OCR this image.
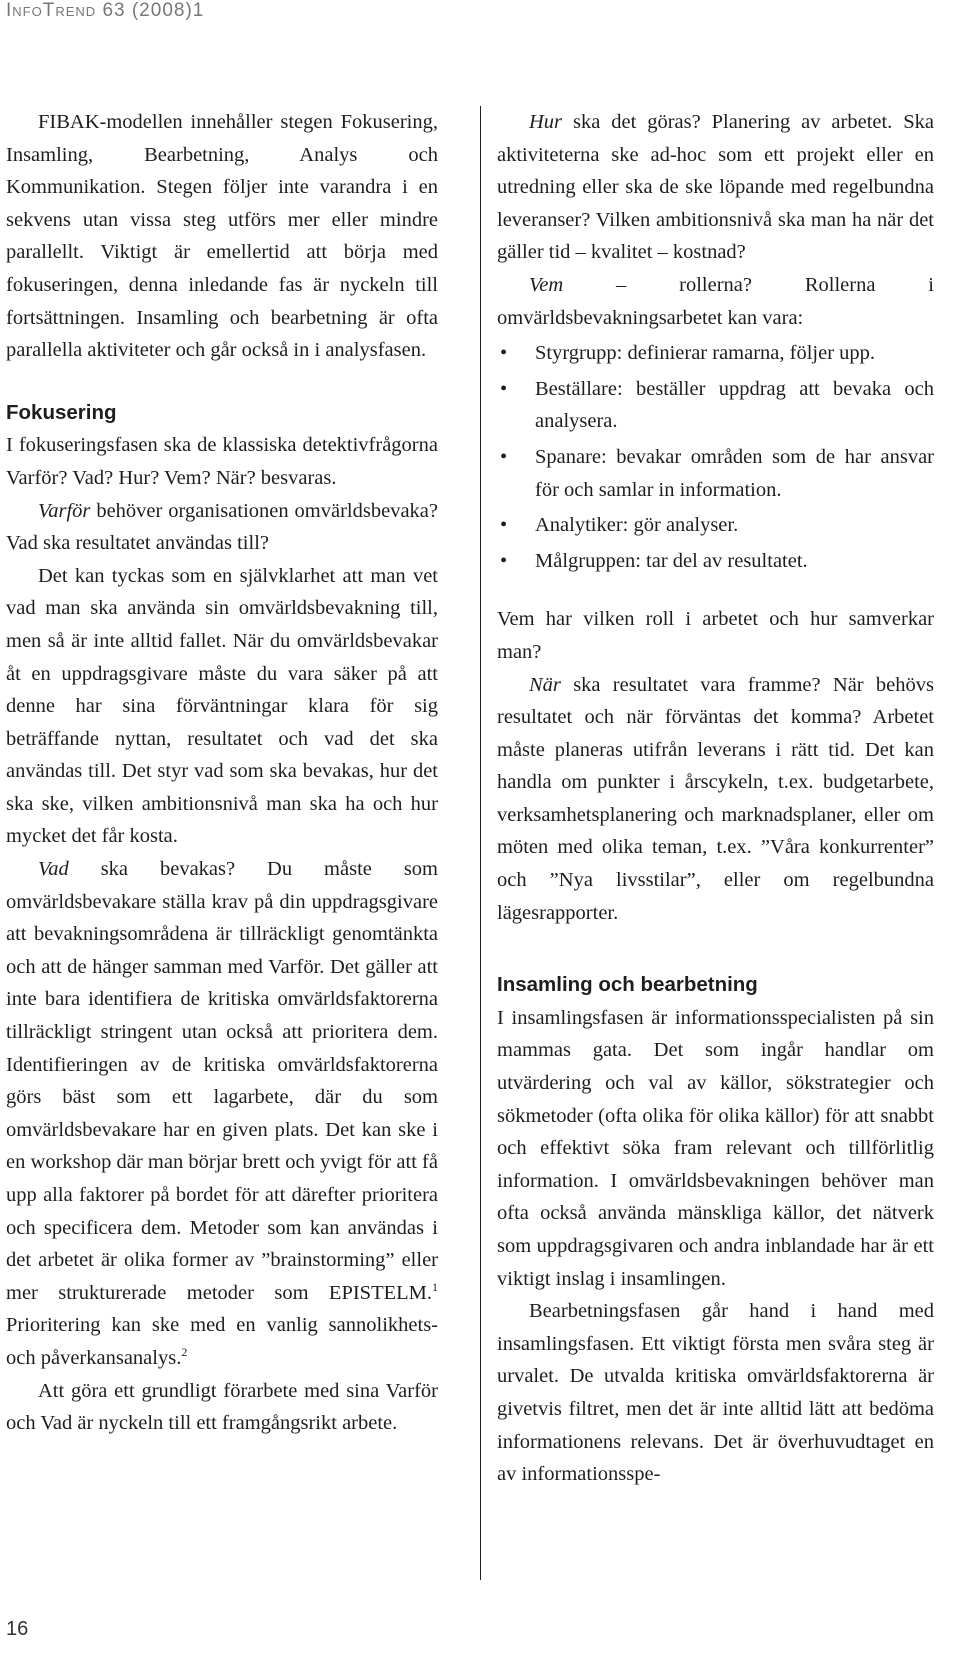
InfoTrend 63 (2008)1

FIBAK-modellen innehåller stegen Fokusering, Insamling, Bearbetning, Analys och Kommunikation. Stegen följer inte varandra i en sekvens utan vissa steg utförs mer eller mindre parallellt. Viktigt är emellertid att börja med fokuseringen, denna inledande fas är nyckeln till fortsättningen. Insamling och bearbetning är ofta parallella aktiviteter och går också in i analysfasen.

Fokusering

I fokuseringsfasen ska de klassiska detektivfrågorna Varför? Vad? Hur? Vem? När? besvaras.

Varför behöver organisationen omvärldsbevaka? Vad ska resultatet användas till?

Det kan tyckas som en självklarhet att man vet vad man ska använda sin omvärldsbevakning till, men så är inte alltid fallet. När du omvärldsbevakar åt en uppdragsgivare måste du vara säker på att denne har sina förväntningar klara för sig beträffande nyttan, resultatet och vad det ska användas till. Det styr vad som ska bevakas, hur det ska ske, vilken ambitionsnivå man ska ha och hur mycket det får kosta.

Vad ska bevakas? Du måste som omvärldsbevakare ställa krav på din uppdragsgivare att bevakningsområdena är tillräckligt genomtänkta och att de hänger samman med Varför. Det gäller att inte bara identifiera de kritiska omvärldsfaktorerna tillräckligt stringent utan också att prioritera dem. Identifieringen av de kritiska omvärldsfaktorerna görs bäst som ett lagarbete, där du som omvärldsbevakare har en given plats. Det kan ske i en workshop där man börjar brett och yvigt för att få upp alla faktorer på bordet för att därefter prioritera och specificera dem. Metoder som kan användas i det arbetet är olika former av ”brainstorming” eller mer strukturerade metoder som EPISTELM.$^1$ Prioritering kan ske med en vanlig sannolikhets- och påverkansanalys.$^2$

Att göra ett grundligt förarbete med sina Varför och Vad är nyckeln till ett framgångsrikt arbete.

Hur ska det göras? Planering av arbetet. Ska aktiviteterna ske ad-hoc som ett projekt eller en utredning eller ska de ske löpande med regelbundna leveranser? Vilken ambitionsnivå ska man ha när det gäller tid – kvalitet – kostnad?

Vem – rollerna? Rollerna i omvärldsbevakningsarbetet kan vara:

• Styrgrupp: definierar ramarna, följer upp.
• Beställare: beställer uppdrag att bevaka och analysera.
• Spanare: bevakar områden som de har ansvar för och samlar in information.
• Analytiker: gör analyser.
• Målgruppen: tar del av resultatet.

Vem har vilken roll i arbetet och hur samverkar man?

När ska resultatet vara framme? När behövs resultatet och när förväntas det komma? Arbetet måste planeras utifrån leverans i rätt tid. Det kan handla om punkter i årscykeln, t.ex. budgetarbete, verksamhetsplanering och marknadsplaner, eller om möten med olika teman, t.ex. ”Våra konkurrenter” och ”Nya livsstilar”, eller om regelbundna lägesrapporter.

Insamling och bearbetning

I insamlingsfasen är informationsspecialisten på sin mammas gata. Det som ingår handlar om utvärdering och val av källor, sökstrategier och sökmetoder (ofta olika för olika källor) för att snabbt och effektivt söka fram relevant och tillförlitlig information. I omvärldsbevakningen behöver man ofta också använda mänskliga källor, det nätverk som uppdragsgivaren och andra inblandade har är ett viktigt inslag i insamlingen.

Bearbetningsfasen går hand i hand med insamlingsfasen. Ett viktigt första men svåra steg är urvalet. De utvalda kritiska omvärldsfaktorerna är givetvis filtret, men det är inte alltid lätt att bedöma informationens relevans. Det är överhuvudtaget en av informationsspe-

16
